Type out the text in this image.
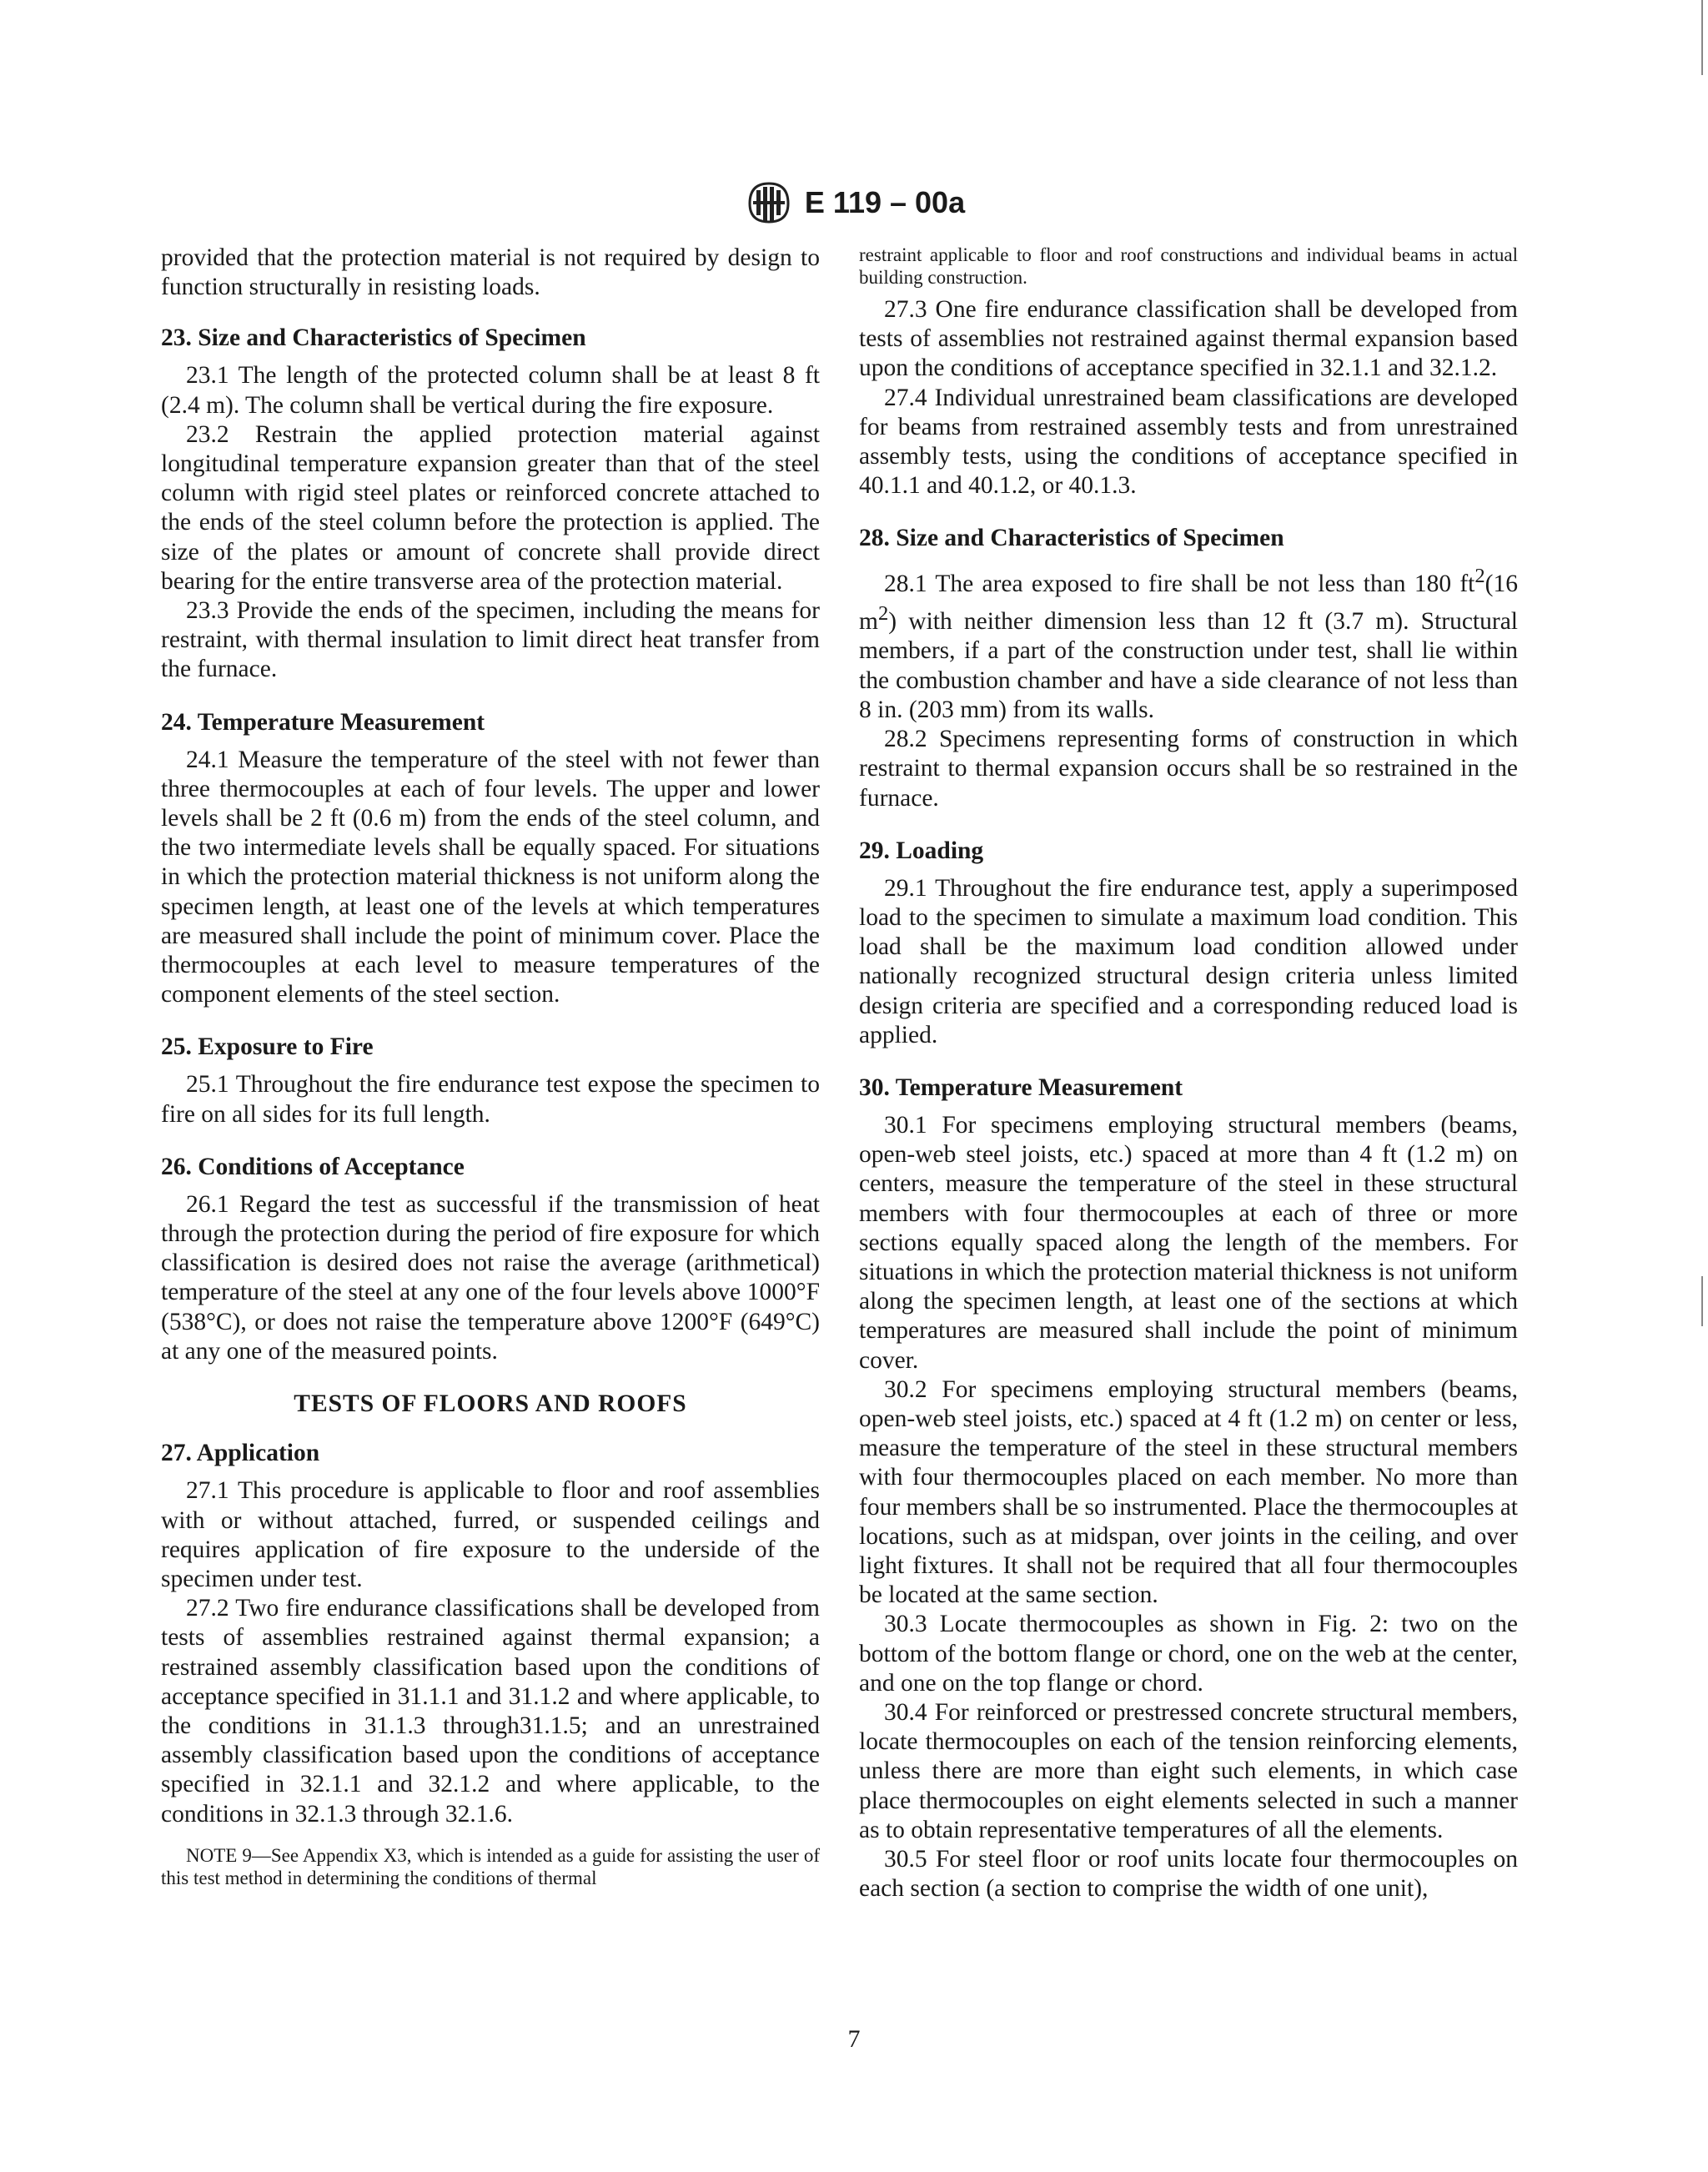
E 119 – 00a

provided that the protection material is not required by design to function structurally in resisting loads.

23. Size and Characteristics of Specimen

23.1 The length of the protected column shall be at least 8 ft (2.4 m). The column shall be vertical during the fire exposure.

23.2 Restrain the applied protection material against longitudinal temperature expansion greater than that of the steel column with rigid steel plates or reinforced concrete attached to the ends of the steel column before the protection is applied. The size of the plates or amount of concrete shall provide direct bearing for the entire transverse area of the protection material.

23.3 Provide the ends of the specimen, including the means for restraint, with thermal insulation to limit direct heat transfer from the furnace.

24. Temperature Measurement

24.1 Measure the temperature of the steel with not fewer than three thermocouples at each of four levels. The upper and lower levels shall be 2 ft (0.6 m) from the ends of the steel column, and the two intermediate levels shall be equally spaced. For situations in which the protection material thickness is not uniform along the specimen length, at least one of the levels at which temperatures are measured shall include the point of minimum cover. Place the thermocouples at each level to measure temperatures of the component elements of the steel section.

25. Exposure to Fire

25.1 Throughout the fire endurance test expose the specimen to fire on all sides for its full length.

26. Conditions of Acceptance

26.1 Regard the test as successful if the transmission of heat through the protection during the period of fire exposure for which classification is desired does not raise the average (arithmetical) temperature of the steel at any one of the four levels above 1000°F (538°C), or does not raise the temperature above 1200°F (649°C) at any one of the measured points.

TESTS OF FLOORS AND ROOFS
27. Application

27.1 This procedure is applicable to floor and roof assemblies with or without attached, furred, or suspended ceilings and requires application of fire exposure to the underside of the specimen under test.

27.2 Two fire endurance classifications shall be developed from tests of assemblies restrained against thermal expansion; a restrained assembly classification based upon the conditions of acceptance specified in 31.1.1 and 31.1.2 and where applicable, to the conditions in 31.1.3 through31.1.5; and an unrestrained assembly classification based upon the conditions of acceptance specified in 32.1.1 and 32.1.2 and where applicable, to the conditions in 32.1.3 through 32.1.6.

NOTE 9—See Appendix X3, which is intended as a guide for assisting the user of this test method in determining the conditions of thermal

restraint applicable to floor and roof constructions and individual beams in actual building construction.

27.3 One fire endurance classification shall be developed from tests of assemblies not restrained against thermal expansion based upon the conditions of acceptance specified in 32.1.1 and 32.1.2.

27.4 Individual unrestrained beam classifications are developed for beams from restrained assembly tests and from unrestrained assembly tests, using the conditions of acceptance specified in 40.1.1 and 40.1.2, or 40.1.3.

28. Size and Characteristics of Specimen

28.1 The area exposed to fire shall be not less than 180 $ft^2(16$ $m^2$) with neither dimension less than 12 ft (3.7 m). Structural members, if a part of the construction under test, shall lie within the combustion chamber and have a side clearance of not less than 8 in. (203 mm) from its walls.

28.2 Specimens representing forms of construction in which restraint to thermal expansion occurs shall be so restrained in the furnace.

29. Loading

29.1 Throughout the fire endurance test, apply a superimposed load to the specimen to simulate a maximum load condition. This load shall be the maximum load condition allowed under nationally recognized structural design criteria unless limited design criteria are specified and a corresponding reduced load is applied.

30. Temperature Measurement

30.1 For specimens employing structural members (beams, open-web steel joists, etc.) spaced at more than 4 ft (1.2 m) on centers, measure the temperature of the steel in these structural members with four thermocouples at each of three or more sections equally spaced along the length of the members. For situations in which the protection material thickness is not uniform along the specimen length, at least one of the sections at which temperatures are measured shall include the point of minimum cover.

30.2 For specimens employing structural members (beams, open-web steel joists, etc.) spaced at 4 ft (1.2 m) on center or less, measure the temperature of the steel in these structural members with four thermocouples placed on each member. No more than four members shall be so instrumented. Place the thermocouples at locations, such as at midspan, over joints in the ceiling, and over light fixtures. It shall not be required that all four thermocouples be located at the same section.

30.3 Locate thermocouples as shown in Fig. 2: two on the bottom of the bottom flange or chord, one on the web at the center, and one on the top flange or chord.

30.4 For reinforced or prestressed concrete structural members, locate thermocouples on each of the tension reinforcing elements, unless there are more than eight such elements, in which case place thermocouples on eight elements selected in such a manner as to obtain representative temperatures of all the elements.

30.5 For steel floor or roof units locate four thermocouples on each section (a section to comprise the width of one unit),

7
